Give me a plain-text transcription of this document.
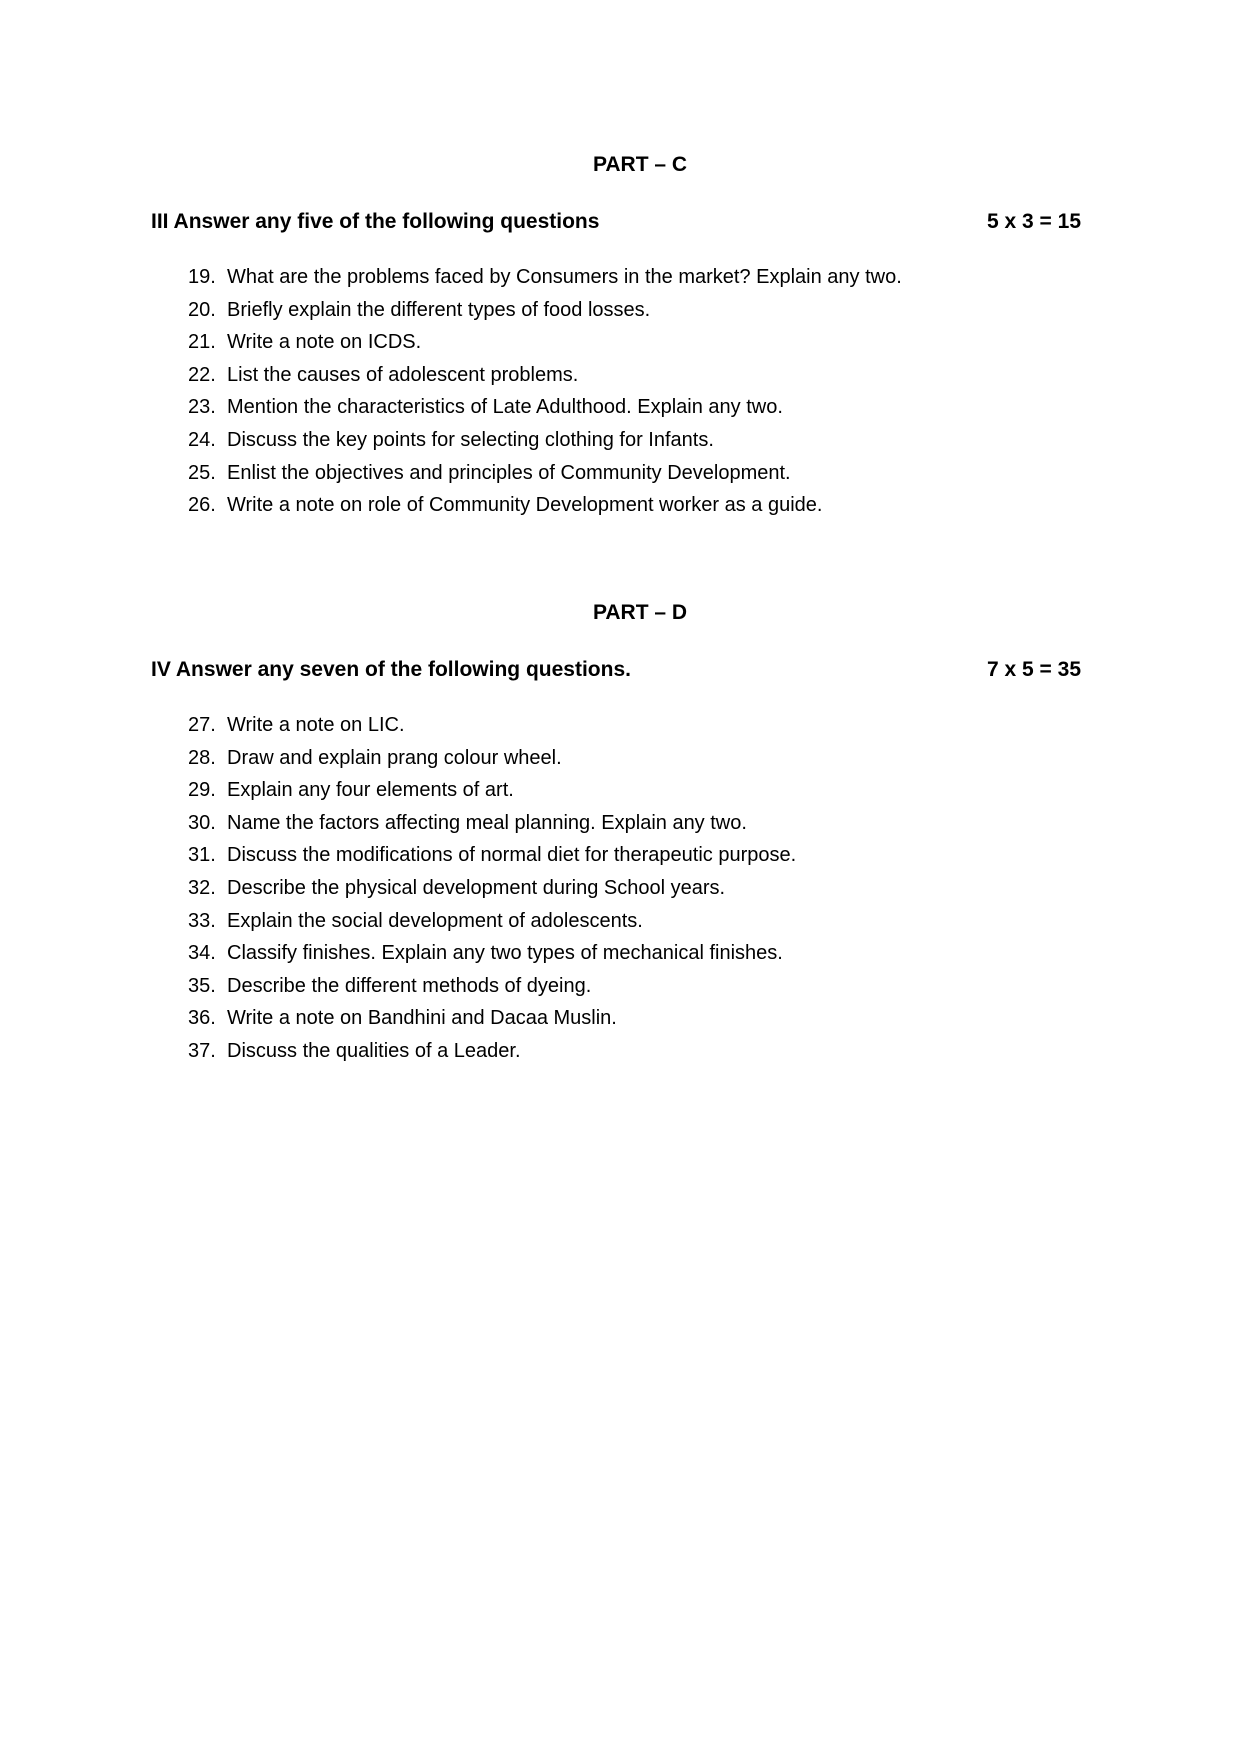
PART – C
III Answer any five of the following questions	5 x 3 = 15
19. What are the problems faced by Consumers in the market? Explain any two.
20. Briefly explain the different types of food losses.
21. Write a note on ICDS.
22. List the causes of adolescent problems.
23. Mention the characteristics of Late Adulthood. Explain any two.
24. Discuss the key points for selecting clothing for Infants.
25. Enlist the objectives and principles of Community Development.
26. Write a note on role of Community Development worker as a guide.
PART – D
IV Answer any seven of the following questions.	7 x 5 = 35
27. Write a note on LIC.
28. Draw and explain prang colour wheel.
29. Explain any four elements of art.
30. Name the factors affecting meal planning. Explain any two.
31. Discuss the modifications of normal diet for therapeutic purpose.
32. Describe the physical development during School years.
33. Explain the social development of adolescents.
34. Classify finishes. Explain any two types of mechanical finishes.
35. Describe the different methods of dyeing.
36. Write a note on Bandhini and Dacaa Muslin.
37. Discuss the qualities of a Leader.
